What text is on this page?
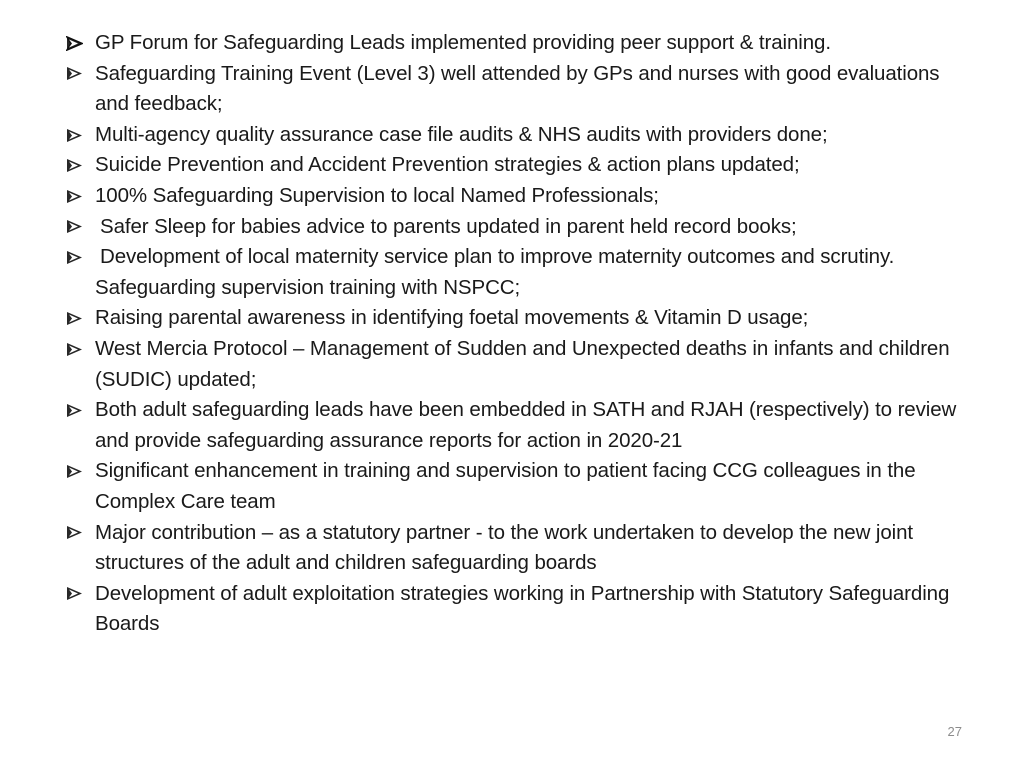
GP Forum for Safeguarding Leads implemented providing peer support & training.
Safeguarding Training Event (Level 3) well attended by GPs and nurses with good evaluations and feedback;
Multi-agency quality assurance case file audits & NHS audits with providers done;
Suicide Prevention and Accident Prevention strategies & action plans updated;
100% Safeguarding Supervision to local Named Professionals;
Safer Sleep for babies advice to parents updated in parent held record books;
Development of local maternity service plan to improve maternity outcomes and scrutiny. Safeguarding supervision training with NSPCC;
Raising parental awareness in identifying foetal movements & Vitamin D usage;
West Mercia Protocol – Management of Sudden and Unexpected deaths in infants and children (SUDIC) updated;
Both adult safeguarding leads have been embedded in SATH and RJAH (respectively) to review and provide safeguarding assurance reports for action in 2020-21
Significant enhancement in training and supervision to patient facing CCG colleagues in the Complex Care team
Major contribution – as a statutory partner - to the work undertaken to develop the new joint structures of the adult and children safeguarding boards
Development of adult exploitation strategies working in Partnership with Statutory Safeguarding Boards
27
